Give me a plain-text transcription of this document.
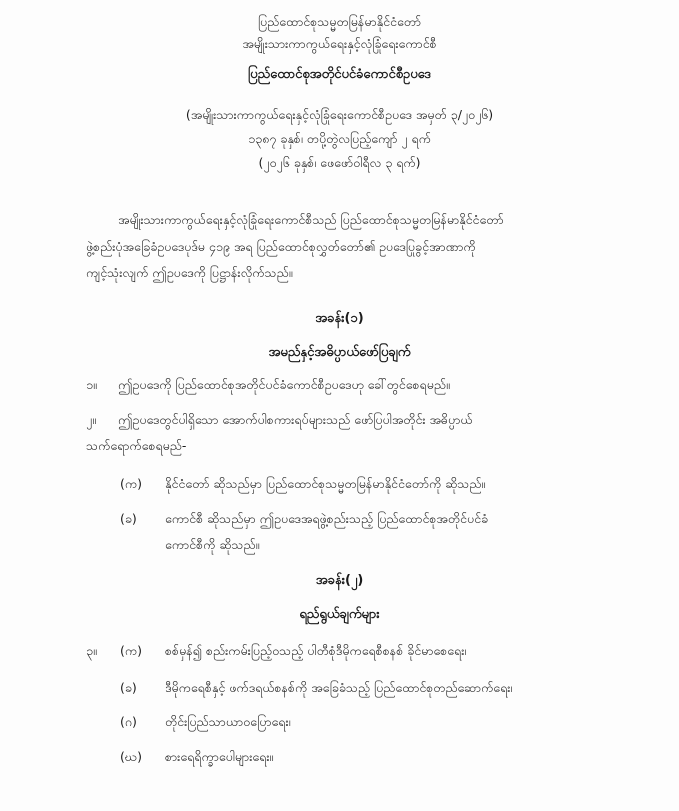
ပြည်ထောင်စုသမ္မတမြန်မာနိုင်ငံတော်
အမျိုးသားကာကွယ်ရေးနှင့်လုံခြုံရေးကောင်စီ
ပြည်ထောင်စုအတိုင်ပင်ခံကောင်စီဥပဒေ
(အမျိုးသားကာကွယ်ရေးနှင့်လုံခြုံရေးကောင်စီဥပဒေ အမှတ် ၃/၂၀၂၆)
၁၃၈၇ ခုနှစ်၊ တပို့တွဲလပြည့်ကျော် ၂ ရက်
(၂၀၂၆ ခုနှစ်၊ ဖေဖော်ဝါရီလ ၃ ရက်)
အမျိုးသားကာကွယ်ရေးနှင့်လုံခြုံရေးကောင်စီသည် ပြည်ထောင်စုသမ္မတမြန်မာနိုင်ငံတော်
ဖွဲ့စည်းပုံအခြေခံဥပဒေပုဒ်မ ၄၁၉ အရ ပြည်ထောင်စုလွှတ်တော်၏ ဥပဒေပြုခွင့်အာဏာကို
ကျင့်သုံးလျက် ဤဥပဒေကို ပြဋ္ဌာန်းလိုက်သည်။
အခန်း(၁)
အမည်နှင့်အဓိပ္ပာယ်ဖော်ပြချက်
၁။ ဤဥပဒေကို ပြည်ထောင်စုအတိုင်ပင်ခံကောင်စီဥပဒေဟု ခေါ်တွင်စေရမည်။
၂။ ဤဥပဒေတွင်ပါရှိသော အောက်ပါစကားရပ်များသည် ဖော်ပြပါအတိုင်း အဓိပ္ပာယ်
သက်ရောက်စေရမည်-
(က) နိုင်ငံတော် ဆိုသည်မှာ ပြည်ထောင်စုသမ္မတမြန်မာနိုင်ငံတော်ကို ဆိုသည်။
(ခ) ကောင်စီ ဆိုသည်မှာ ဤဥပဒေအရဖွဲ့စည်းသည့် ပြည်ထောင်စုအတိုင်ပင်ခံ
ကောင်စီကို ဆိုသည်။
အခန်း(၂)
ရည်ရွယ်ချက်များ
၃။ (က) စစ်မှန်၍ စည်းကမ်းပြည့်ဝသည့် ပါတီစုံဒီမိုကရေစီစနစ် ခိုင်မာစေရေး၊
(ခ) ဒီမိုကရေစီနှင့် ဖက်ဒရယ်စနစ်ကို အခြေခံသည့် ပြည်ထောင်စုတည်ဆောက်ရေး၊
(ဂ) တိုင်းပြည်သာယာဝပြောရေး၊
(ဃ) စားရေရိက္ခာပေါများရေး။
